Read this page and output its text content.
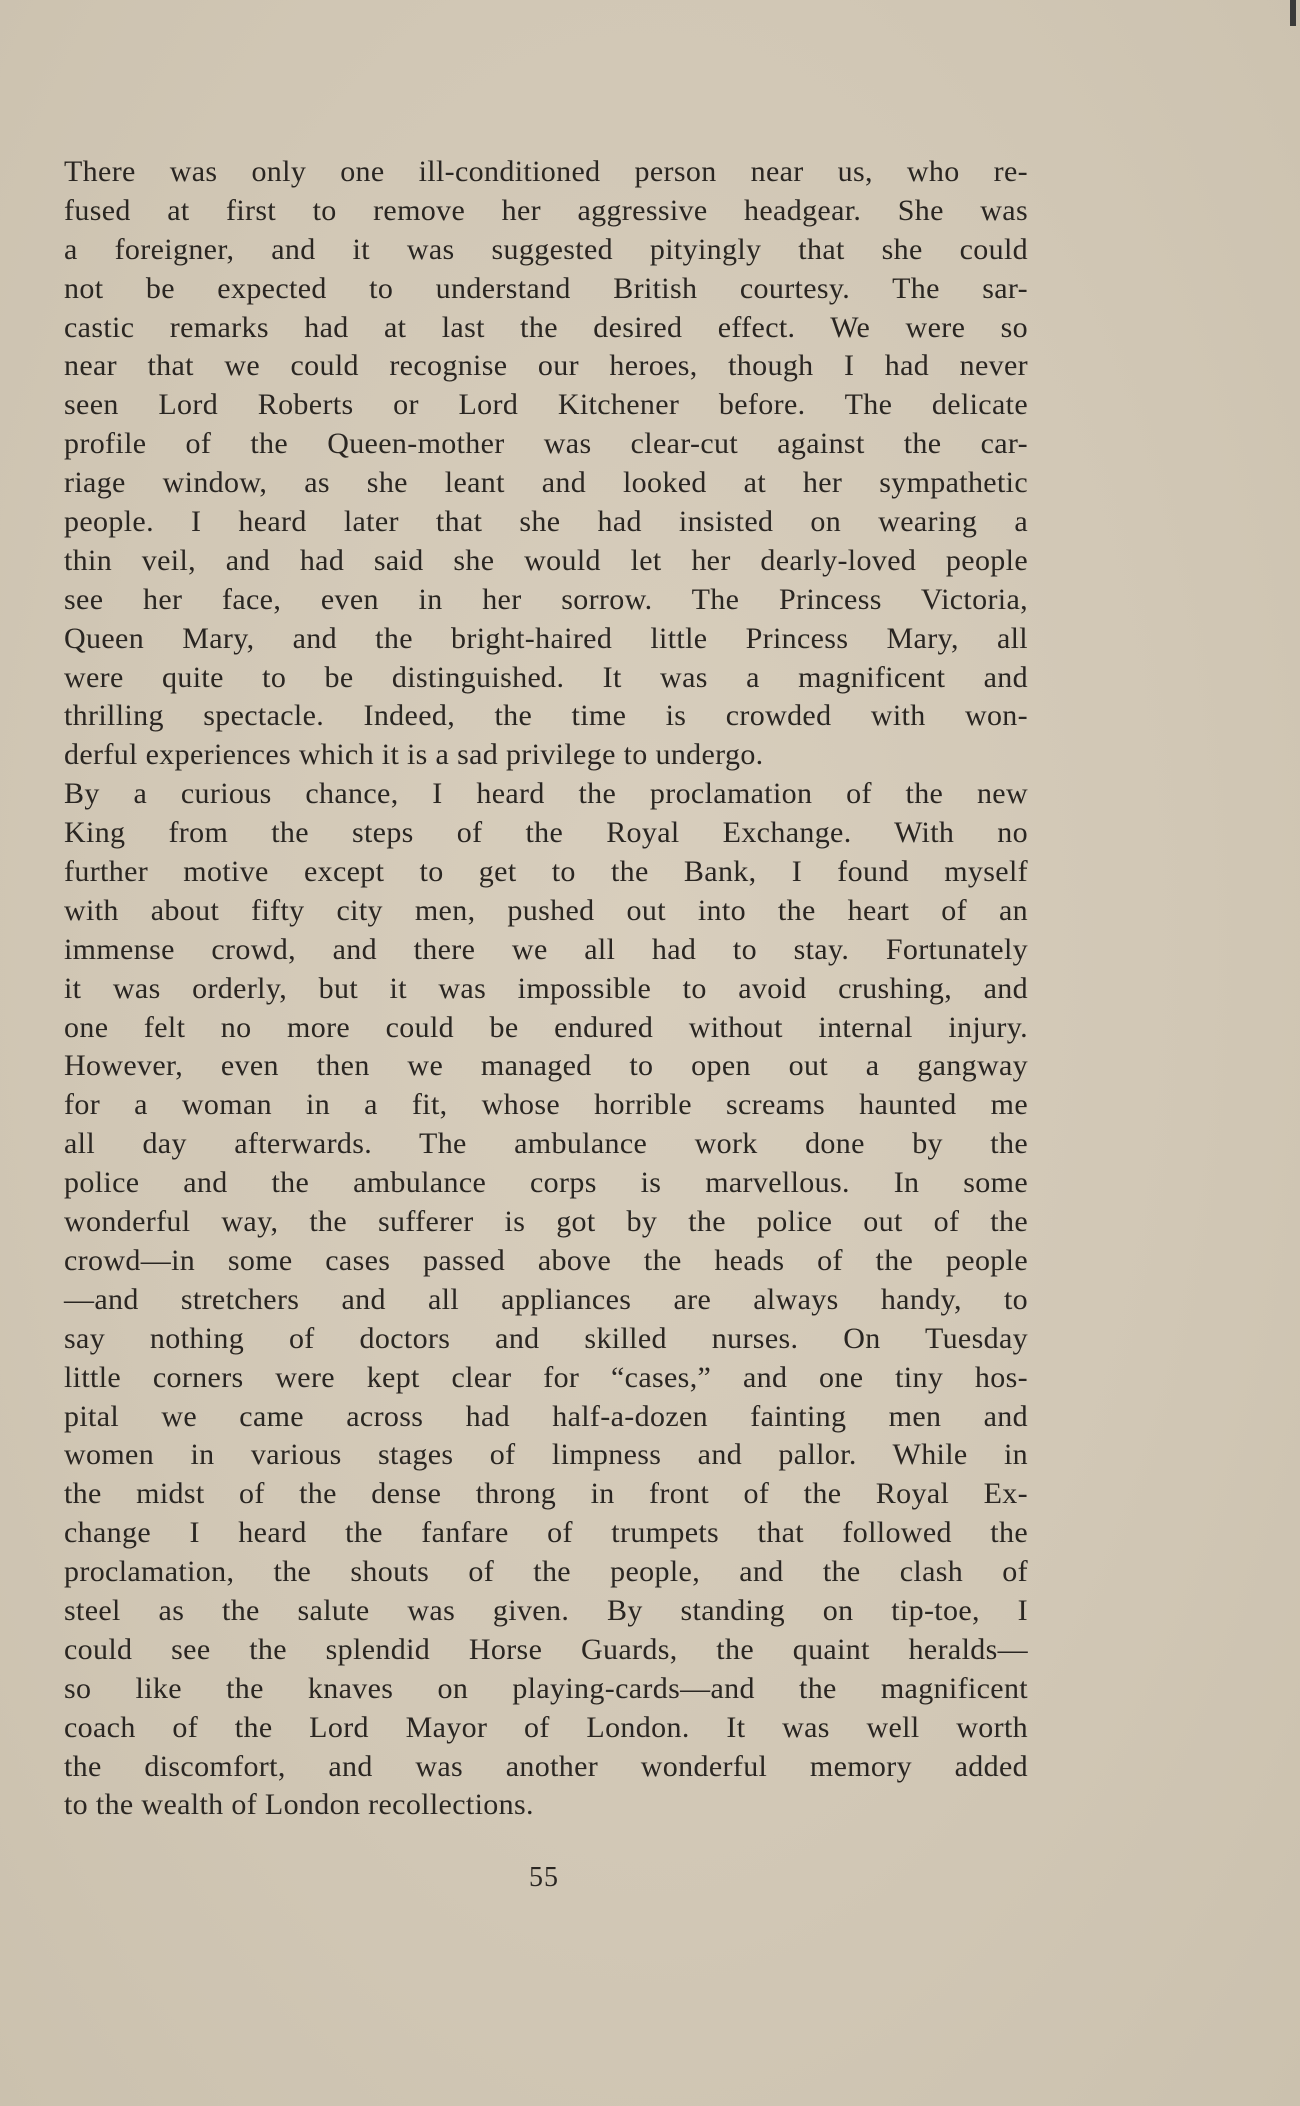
There was only one ill-conditioned person near us, who re-
fused at first to remove her aggressive headgear. She was
a foreigner, and it was suggested pityingly that she could
not be expected to understand British courtesy. The sar-
castic remarks had at last the desired effect. We were so
near that we could recognise our heroes, though I had never
seen Lord Roberts or Lord Kitchener before. The delicate
profile of the Queen-mother was clear-cut against the car-
riage window, as she leant and looked at her sympathetic
people. I heard later that she had insisted on wearing a
thin veil, and had said she would let her dearly-loved people
see her face, even in her sorrow. The Princess Victoria,
Queen Mary, and the bright-haired little Princess Mary, all
were quite to be distinguished. It was a magnificent and
thrilling spectacle. Indeed, the time is crowded with won-
derful experiences which it is a sad privilege to undergo.
By a curious chance, I heard the proclamation of the new
King from the steps of the Royal Exchange. With no
further motive except to get to the Bank, I found myself
with about fifty city men, pushed out into the heart of an
immense crowd, and there we all had to stay. Fortunately
it was orderly, but it was impossible to avoid crushing, and
one felt no more could be endured without internal injury.
However, even then we managed to open out a gangway
for a woman in a fit, whose horrible screams haunted me
all day afterwards. The ambulance work done by the
police and the ambulance corps is marvellous. In some
wonderful way, the sufferer is got by the police out of the
crowd—in some cases passed above the heads of the people
—and stretchers and all appliances are always handy, to
say nothing of doctors and skilled nurses. On Tuesday
little corners were kept clear for “cases,” and one tiny hos-
pital we came across had half-a-dozen fainting men and
women in various stages of limpness and pallor. While in
the midst of the dense throng in front of the Royal Ex-
change I heard the fanfare of trumpets that followed the
proclamation, the shouts of the people, and the clash of
steel as the salute was given. By standing on tip-toe, I
could see the splendid Horse Guards, the quaint heralds—
so like the knaves on playing-cards—and the magnificent
coach of the Lord Mayor of London. It was well worth
the discomfort, and was another wonderful memory added
to the wealth of London recollections.
55
